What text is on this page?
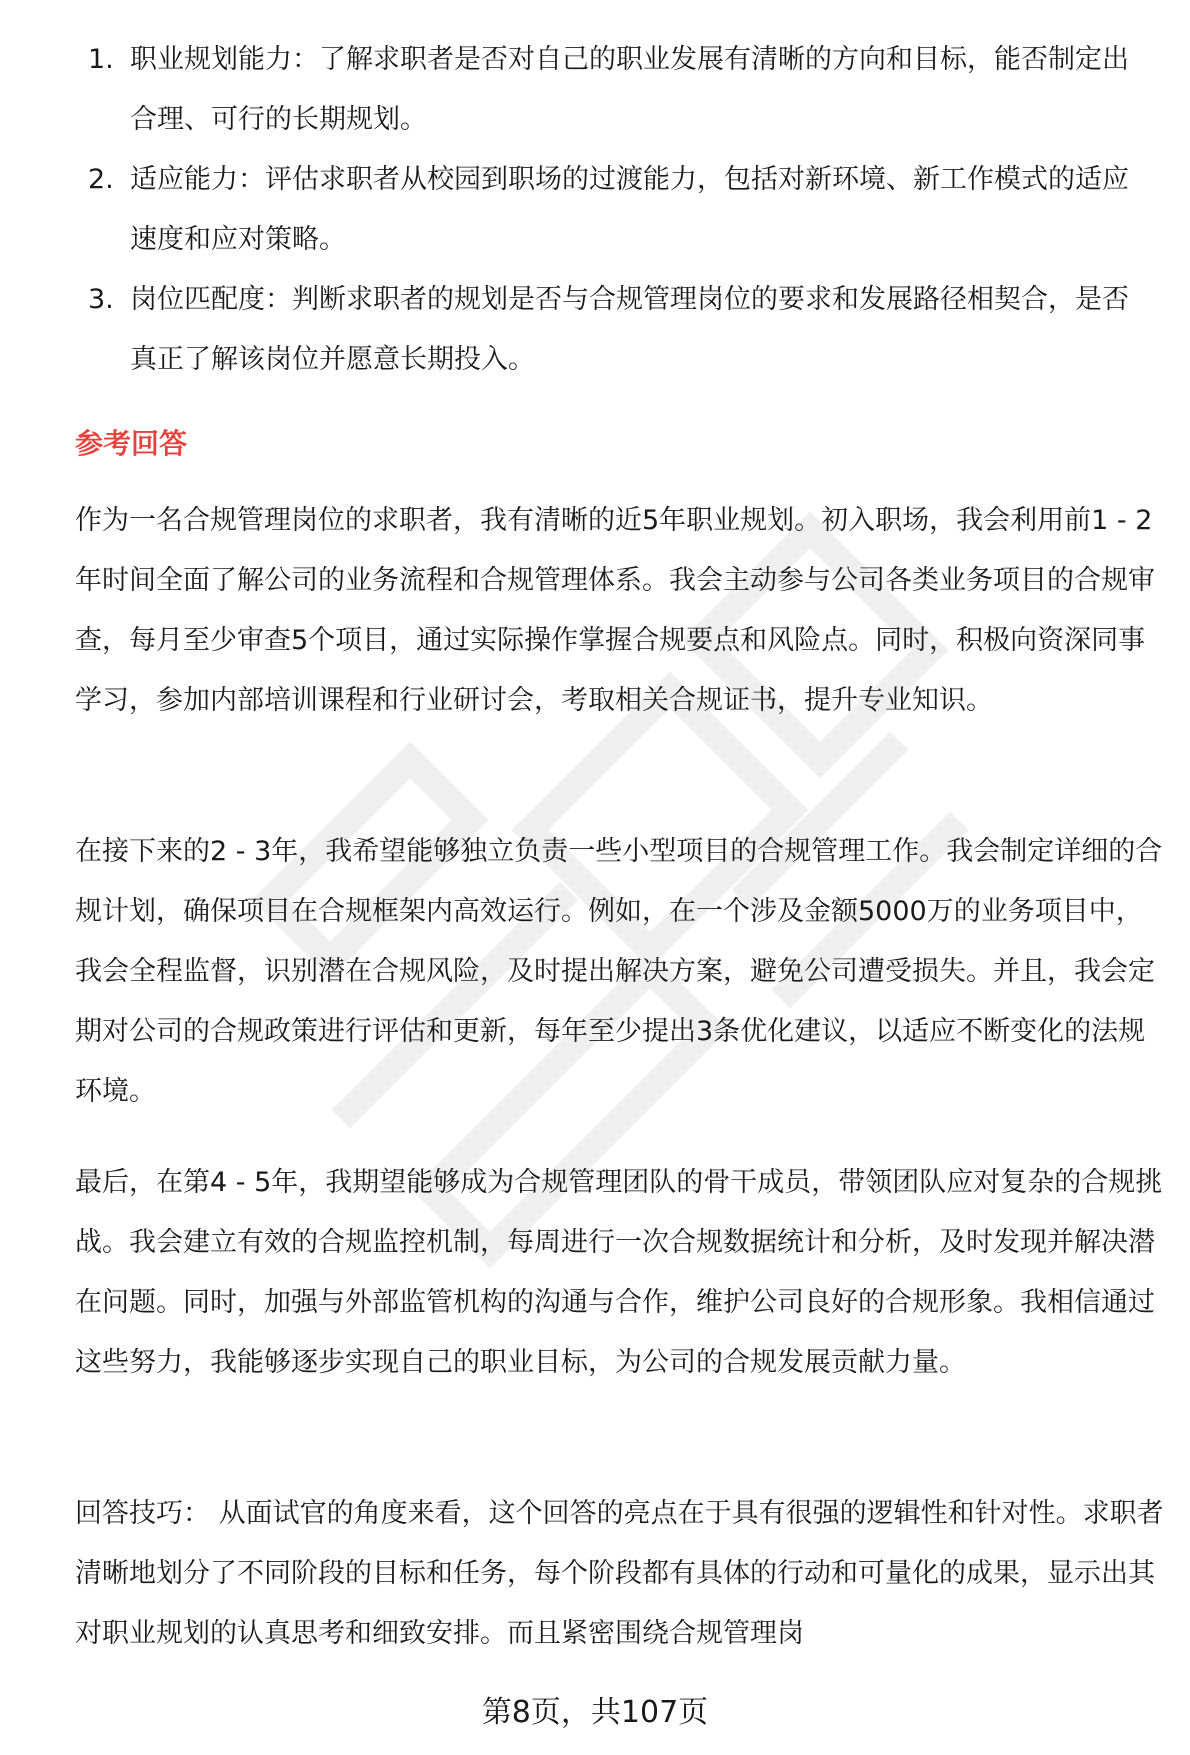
1. 职业规划能力：了解求职者是否对自己的职业发展有清晰的方向和目标，能否制定出合理、可行的长期规划。
2. 适应能力：评估求职者从校园到职场的过渡能力，包括对新环境、新工作模式的适应速度和应对策略。
3. 岗位匹配度：判断求职者的规划是否与合规管理岗位的要求和发展路径相契合，是否真正了解该岗位并愿意长期投入。
参考回答

作为一名合规管理岗位的求职者，我有清晰的近5年职业规划。初入职场，我会利用前1 - 2年时间全面了解公司的业务流程和合规管理体系。我会主动参与公司各类业务项目的合规审查，每月至少审查5个项目，通过实际操作掌握合规要点和风险点。同时，积极向资深同事学习，参加内部培训课程和行业研讨会，考取相关合规证书，提升专业知识。

在接下来的2 - 3年，我希望能够独立负责一些小型项目的合规管理工作。我会制定详细的合规计划，确保项目在合规框架内高效运行。例如，在一个涉及金额5000万的业务项目中，我会全程监督，识别潜在合规风险，及时提出解决方案，避免公司遭受损失。并且，我会定期对公司的合规政策进行评估和更新，每年至少提出3条优化建议，以适应不断变化的法规环境。

最后，在第4 - 5年，我期望能够成为合规管理团队的骨干成员，带领团队应对复杂的合规挑战。我会建立有效的合规监控机制，每周进行一次合规数据统计和分析，及时发现并解决潜在问题。同时，加强与外部监管机构的沟通与合作，维护公司良好的合规形象。我相信通过这些努力，我能够逐步实现自己的职业目标，为公司的合规发展贡献力量。

回答技巧： 从面试官的角度来看，这个回答的亮点在于具有很强的逻辑性和针对性。求职者清晰地划分了不同阶段的目标和任务，每个阶段都有具体的行动和可量化的成果，显示出其对职业规划的认真思考和细致安排。而且紧密围绕合规管理岗

第8页，共107页
